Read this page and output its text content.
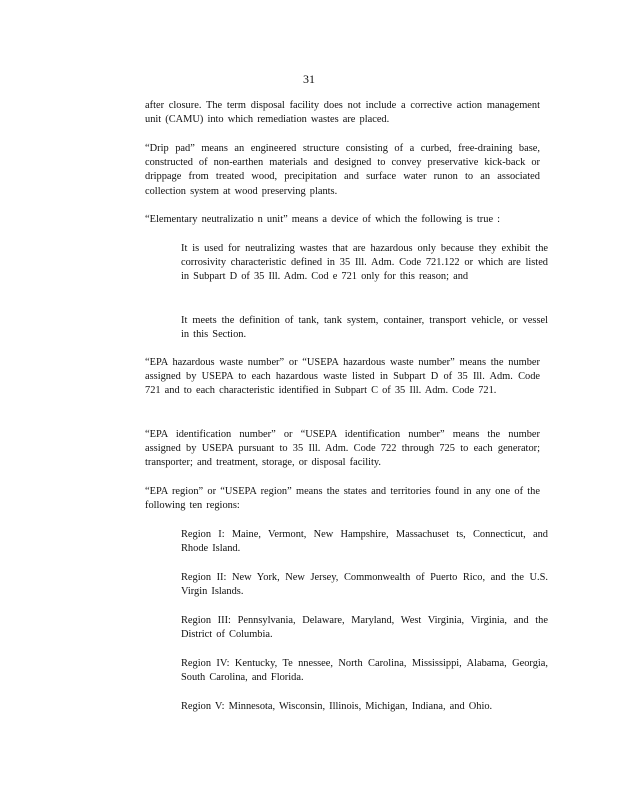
31

after closure. The term disposal facility does not include a corrective action management unit (CAMU) into which remediation wastes are placed.

“Drip pad” means an engineered structure consisting of a curbed, free-draining base, constructed of non-earthen materials and designed to convey preservative kick-back or drippage from treated wood, precipitation and surface water runon to an associated collection system at wood preserving plants.

“Elementary neutralizatio n unit” means a device of which the following is true :

It is used for neutralizing wastes that are hazardous only because they exhibit the corrosivity characteristic defined in 35 Ill. Adm. Code 721.122 or which are listed in Subpart D of 35 Ill. Adm. Cod e 721 only for this reason; and

It meets the definition of tank, tank system, container, transport vehicle, or vessel in this Section.

“EPA hazardous waste number” or “USEPA hazardous waste number” means the number assigned by USEPA to each hazardous waste listed in Subpart D of 35 Ill. Adm. Code 721 and to each characteristic identified in Subpart C of 35 Ill. Adm. Code 721.

“EPA identification number” or “USEPA identification number” means the number assigned by USEPA pursuant to 35 Ill. Adm. Code 722 through 725 to each generator; transporter; and treatment, storage, or disposal facility.

“EPA region” or “USEPA region” means the states and territories found in any one of the following ten regions:

Region I: Maine, Vermont, New Hampshire, Massachuset ts, Connecticut, and Rhode Island.

Region II: New York, New Jersey, Commonwealth of Puerto Rico, and the U.S. Virgin Islands.

Region III: Pennsylvania, Delaware, Maryland, West Virginia, Virginia, and the District of Columbia.

Region IV: Kentucky, Te nnessee, North Carolina, Mississippi, Alabama, Georgia, South Carolina, and Florida.

Region V: Minnesota, Wisconsin, Illinois, Michigan, Indiana, and Ohio.
